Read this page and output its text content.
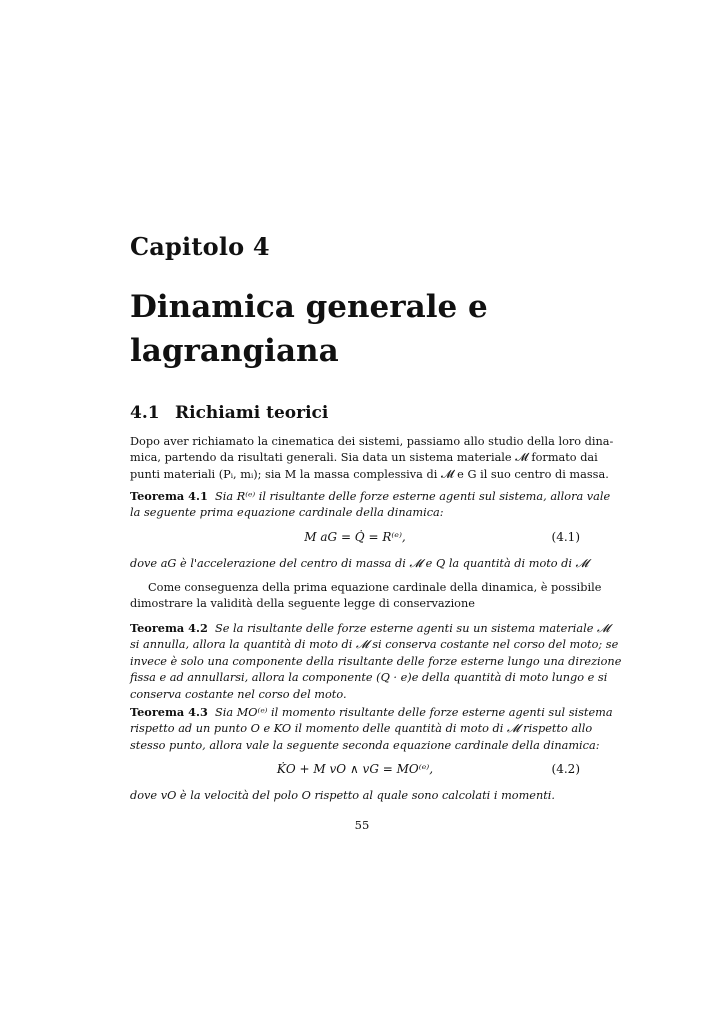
Capitolo 4
Dinamica generale e
lagrangiana
4.1 Richiami teorici
Dopo aver richiamato la cinematica dei sistemi, passiamo allo studio della loro dina-
mica, partendo da risultati generali. Sia data un sistema materiale 𝓜 formato dai
punti materiali (Pᵢ, mᵢ); sia M la massa complessiva di 𝓜 e G il suo centro di massa.
Teorema 4.1 Sia R⁽ᵉ⁾ il risultante delle forze esterne agenti sul sistema, allora vale
la seguente prima equazione cardinale della dinamica:
M aG = Q̇ = R⁽ᵉ⁾,	(4.1)
dove aG è l'accelerazione del centro di massa di 𝓜 e Q la quantità di moto di 𝓜
Come conseguenza della prima equazione cardinale della dinamica, è possibile
dimostrare la validità della seguente legge di conservazione
Teorema 4.2 Se la risultante delle forze esterne agenti su un sistema materiale 𝓜
si annulla, allora la quantità di moto di 𝓜 si conserva costante nel corso del moto; se
invece è solo una componente della risultante delle forze esterne lungo una direzione
fissa e ad annullarsi, allora la componente (Q · e)e della quantità di moto lungo e si
conserva costante nel corso del moto.
Teorema 4.3 Sia MO⁽ᵉ⁾ il momento risultante delle forze esterne agenti sul sistema
rispetto ad un punto O e KO il momento delle quantità di moto di 𝓜 rispetto allo
stesso punto, allora vale la seguente seconda equazione cardinale della dinamica:
K̇O + M vO ∧ vG = MO⁽ᵉ⁾,	(4.2)
dove vO è la velocità del polo O rispetto al quale sono calcolati i momenti.
55
